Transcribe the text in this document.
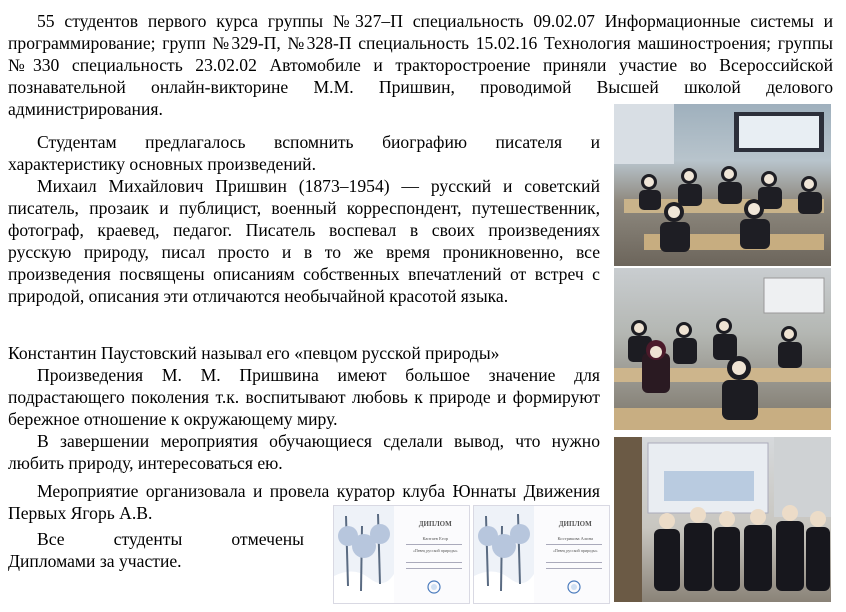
55 студентов первого курса группы №327–П специальность 09.02.07 Информационные системы и программирование; групп №329-П, №328-П специальность 15.02.16 Технология машиностроения; группы №330 специальность 23.02.02 Автомобиле и тракторостроение приняли участие во Всероссийской познавательной онлайн-викторине М.М. Пришвин, проводимой Высшей школой делового администрирования.

Студентам предлагалось вспомнить биографию писателя и характеристику основных произведений.

Михаил Михайлович Пришвин (1873–1954) — русский и советский писатель, прозаик и публицист, военный корреспондент, путешественник, фотограф, краевед, педагог. Писатель воспевал в своих произведениях русскую природу, писал просто и в то же время проникновенно, все произведения посвящены описаниям собственных впечатлений от встреч с природой, описания эти отличаются необычайной красотой языка.

Константин Паустовский называл его «певцом русской природы»

Произведения М. М. Пришвина имеют большое значение для подрастающего поколения т.к. воспитывают любовь к природе и формируют бережное отношение к окружающему миру.

В завершении мероприятия обучающиеся сделали вывод, что нужно любить природу, интересоваться ею.

Мероприятие организовала и провела куратор клуба Юннаты Движения Первых Ягорь А.В.

Все студенты отмечены Дипломами за участие.

ДИПЛОМ
Каптаев Егор
«Певец русской природы»
ДИПЛОМ
Кострикова Алина
«Певец русской природы»
